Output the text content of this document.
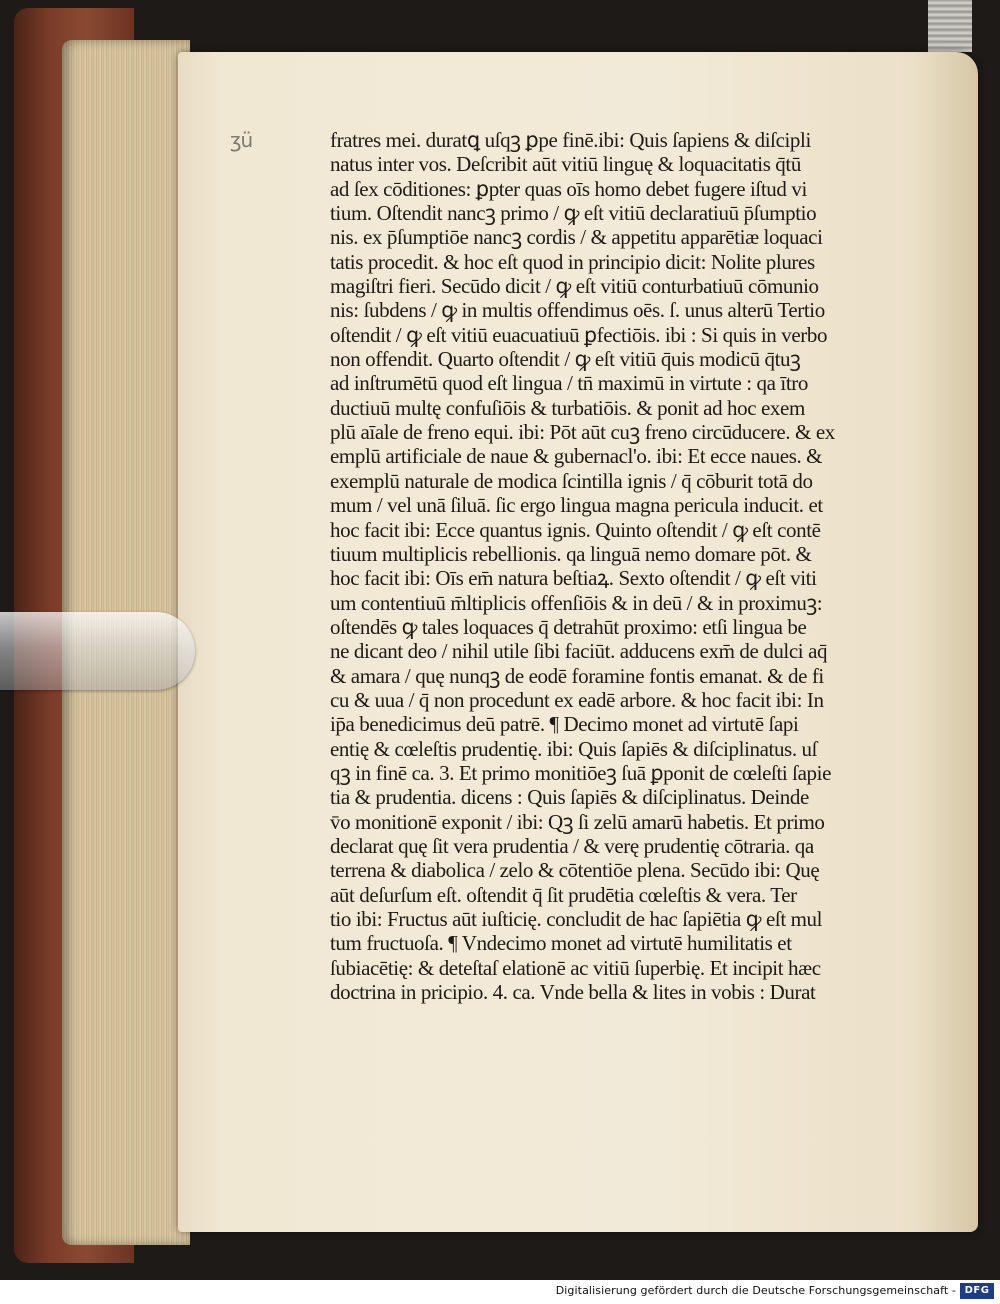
ʒü	fratres mei. duratꝗ uſqꝫ ꝑpe finē.ibi: Quis ſapiens & diſcipli
natus inter vos. Deſcribit aūt vitiū linguę & loquacitatis q̄tū
ad ſex cōditiones: ꝑpter quas oīs homo debet fugere iſtud vi
tium. Oſtendit nancꝫ primo / ꝙ eſt vitiū declaratiuū p̄ſumptio
nis. ex p̄ſumptiōe nancꝫ cordis / & appetitu apparētiæ loquaci
tatis procedit. & hoc eſt quod in principio dicit: Nolite plures
magiſtri fieri. Secūdo dicit / ꝙ eſt vitiū conturbatiuū cōmunio
nis: ſubdens / ꝙ in multis offendimus oēs. ſ. unus alterū Tertio
oſtendit / ꝙ eſt vitiū euacuatiuū ꝑfectiōis. ibi : Si quis in verbo
non offendit. Quarto oſtendit / ꝙ eſt vitiū q̄uis modicū q̄tuꝫ
ad inſtrumētū quod eſt lingua / tn̄ maximū in virtute : qa ītro
ductiuū multę confuſiōis & turbatiōis. & ponit ad hoc exem
plū aīale de freno equi. ibi: Pōt aūt cuꝫ freno circūducere. & ex
emplū artificiale de naue & gubernacl'o. ibi: Et ecce naues. &
exemplū naturale de modica ſcintilla ignis / q̄ cōburit totā do
mum / vel unā ſiluā. ſic ergo lingua magna pericula inducit. et
hoc facit ibi: Ecce quantus ignis. Quinto oſtendit / ꝙ eſt contē
tiuum multiplicis rebellionis. qa linguā nemo domare pōt. &
hoc facit ibi: Oīs em̄ natura beſtiaꝝ. Sexto oſtendit / ꝙ eſt viti
um contentiuū m̄ltiplicis offenſiōis & in deū / & in proximuꝫ:
oſtendēs ꝙ tales loquaces q̄ detrahūt proximo: etſi lingua be
ne dicant deo / nihil utile ſibi faciūt. adducens exm̄ de dulci aq̄
& amara / quę nunqꝫ de eodē foramine fontis emanat. & de fi
cu & uua / q̄ non procedunt ex eadē arbore. & hoc facit ibi: In
ip̄a benedicimus deū patrē. ¶ Decimo monet ad virtutē ſapi
entię & cœleſtis prudentię. ibi: Quis ſapiēs & diſciplinatus. uſ
qꝫ in finē ca. 3. Et primo monitiōeꝫ ſuā ꝑponit de cœleſti ſapie
tia & prudentia. dicens : Quis ſapiēs & diſciplinatus. Deinde
v̄o monitionē exponit / ibi: Qꝫ ſi zelū amarū habetis. Et primo
declarat quę ſit vera prudentia / & verę prudentię cōtraria. qa
terrena & diabolica / zelo & cōtentiōe plena. Secūdo ibi: Quę
aūt deſurſum eſt. oſtendit q̄ ſit prudētia cœleſtis & vera. Ter
tio ibi: Fructus aūt iuſticię. concludit de hac ſapiētia ꝙ eſt mul
tum fructuoſa. ¶ Vndecimo monet ad virtutē humilitatis et
ſubiacētię: & deteſtaſ elationē ac vitiū ſuperbię. Et incipit hæc
doctrina in pricipio. 4. ca. Vnde bella & lites in vobis : Durat
Digitalisierung gefördert durch die Deutsche Forschungsgemeinschaft - DFG
